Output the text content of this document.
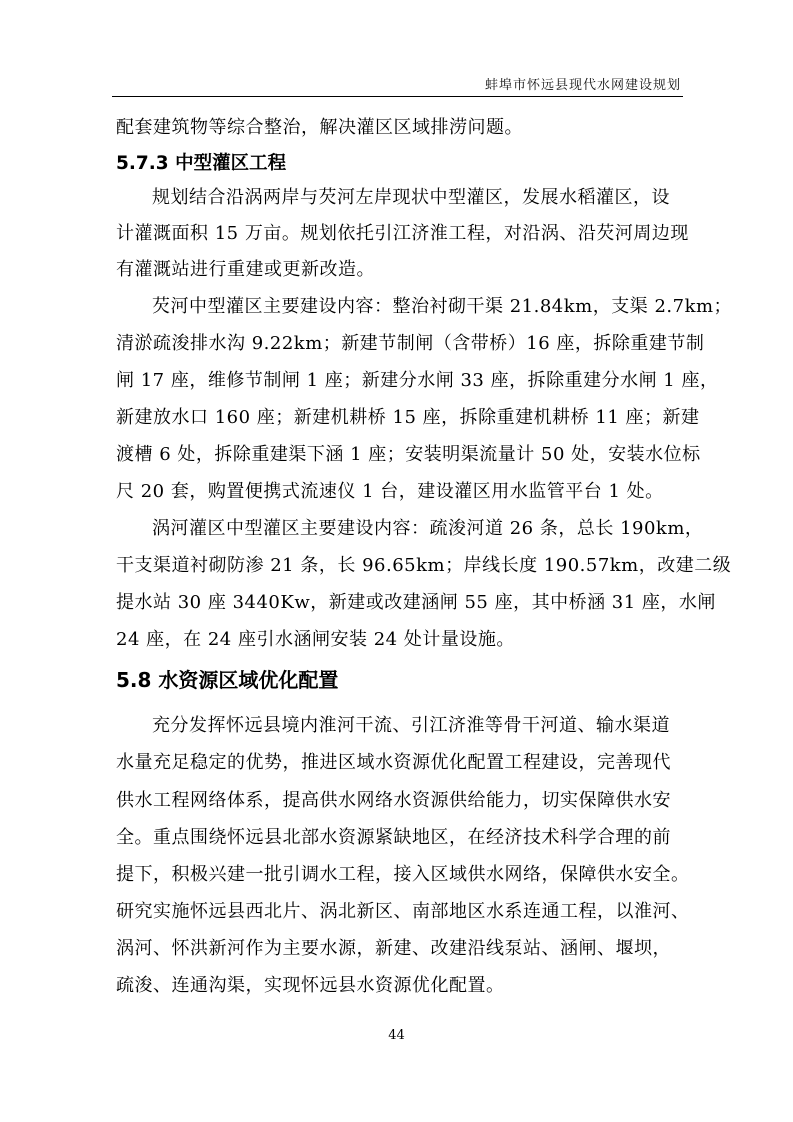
蚌埠市怀远县现代水网建设规划
配套建筑物等综合整治，解决灌区区域排涝问题。
5.7.3 中型灌区工程
规划结合沿涡两岸与芡河左岸现状中型灌区，发展水稻灌区，设
计灌溉面积 15 万亩。规划依托引江济淮工程，对沿涡、沿芡河周边现
有灌溉站进行重建或更新改造。
芡河中型灌区主要建设内容：整治衬砌干渠 21.84km，支渠 2.7km；
清淤疏浚排水沟 9.22km；新建节制闸（含带桥）16 座，拆除重建节制
闸 17 座，维修节制闸 1 座；新建分水闸 33 座，拆除重建分水闸 1 座，
新建放水口 160 座；新建机耕桥 15 座，拆除重建机耕桥 11 座；新建
渡槽 6 处，拆除重建渠下涵 1 座；安装明渠流量计 50 处，安装水位标
尺 20 套，购置便携式流速仪 1 台，建设灌区用水监管平台 1 处。
涡河灌区中型灌区主要建设内容：疏浚河道 26 条，总长 190km，
干支渠道衬砌防渗 21 条，长 96.65km；岸线长度 190.57km，改建二级
提水站 30 座 3440Kw，新建或改建涵闸 55 座，其中桥涵 31 座，水闸
24 座，在 24 座引水涵闸安装 24 处计量设施。
5.8 水资源区域优化配置
充分发挥怀远县境内淮河干流、引江济淮等骨干河道、输水渠道
水量充足稳定的优势，推进区域水资源优化配置工程建设，完善现代
供水工程网络体系，提高供水网络水资源供给能力，切实保障供水安
全。重点围绕怀远县北部水资源紧缺地区，在经济技术科学合理的前
提下，积极兴建一批引调水工程，接入区域供水网络，保障供水安全。
研究实施怀远县西北片、涡北新区、南部地区水系连通工程，以淮河、
涡河、怀洪新河作为主要水源，新建、改建沿线泵站、涵闸、堰坝，
疏浚、连通沟渠，实现怀远县水资源优化配置。
44
